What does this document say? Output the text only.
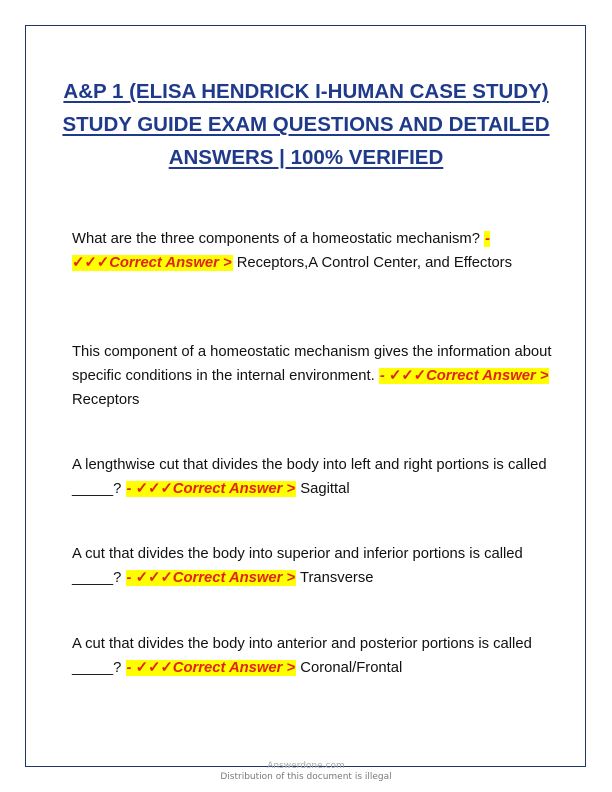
A&P 1 (ELISA HENDRICK I-HUMAN CASE STUDY) STUDY GUIDE EXAM QUESTIONS AND DETAILED ANSWERS | 100% VERIFIED
What are the three components of a homeostatic mechanism? - ✓✓✓Correct Answer > Receptors,A Control Center, and Effectors
This component of a homeostatic mechanism gives the information about specific conditions in the internal environment. - ✓✓✓Correct Answer > Receptors
A lengthwise cut that divides the body into left and right portions is called _____? - ✓✓✓Correct Answer > Sagittal
A cut that divides the body into superior and inferior portions is called _____? - ✓✓✓Correct Answer > Transverse
A cut that divides the body into anterior and posterior portions is called _____? - ✓✓✓Correct Answer > Coronal/Frontal
Answerdone.com
Distribution of this document is illegal
